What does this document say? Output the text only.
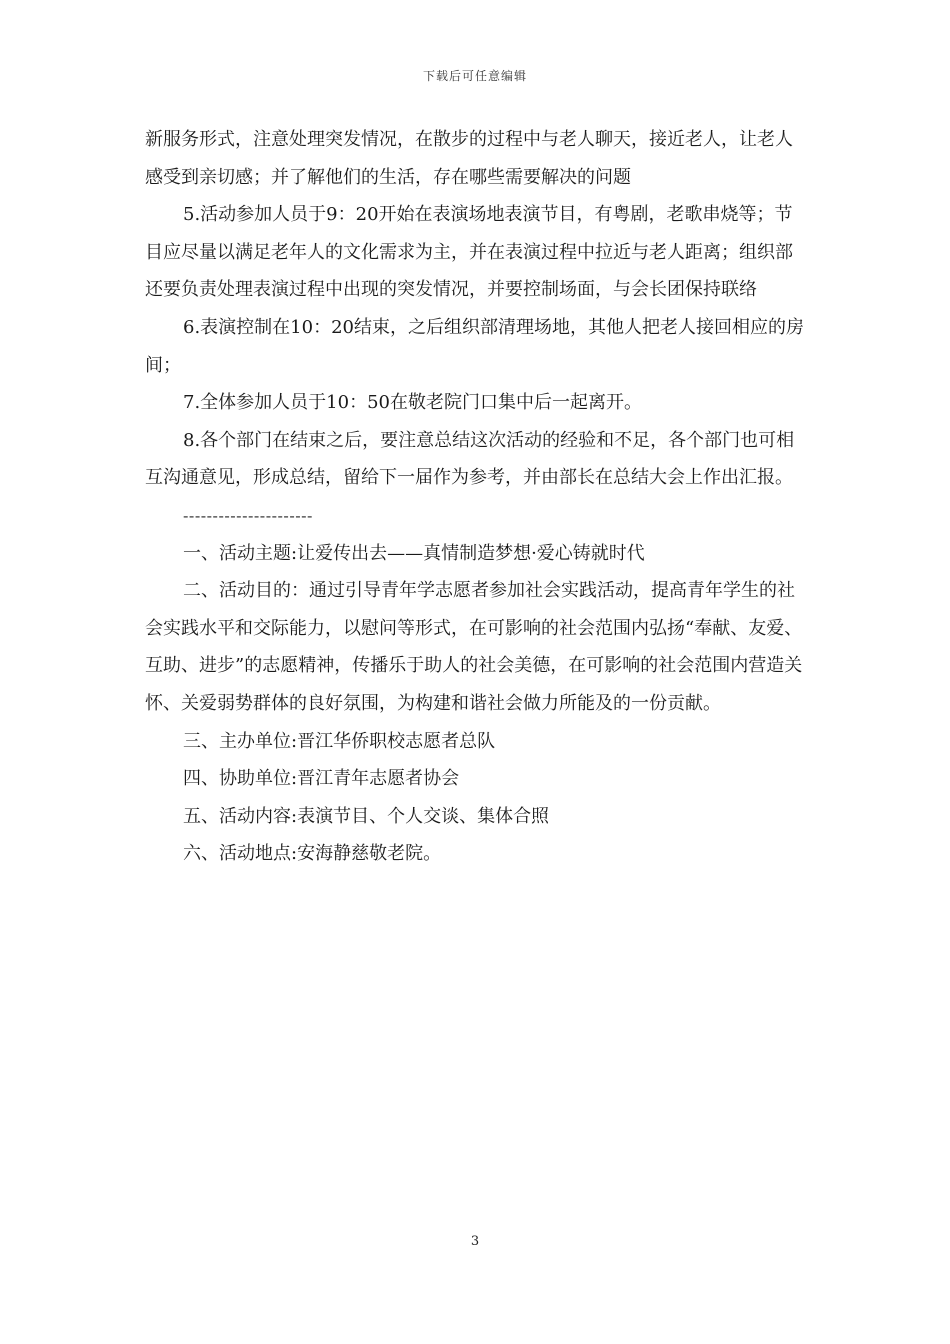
下载后可任意编辑

新服务形式，注意处理突发情况，在散步的过程中与老人聊天，接近老人，让老人感受到亲切感；并了解他们的生活，存在哪些需要解决的问题

5.活动参加人员于9：20开始在表演场地表演节目，有粤剧，老歌串烧等；节目应尽量以满足老年人的文化需求为主，并在表演过程中拉近与老人距离；组织部还要负责处理表演过程中出现的突发情况，并要控制场面，与会长团保持联络

6.表演控制在10：20结束，之后组织部清理场地，其他人把老人接回相应的房间；

7.全体参加人员于10：50在敬老院门口集中后一起离开。

8.各个部门在结束之后，要注意总结这次活动的经验和不足，各个部门也可相互沟通意见，形成总结，留给下一届作为参考，并由部长在总结大会上作出汇报。

----------------------

一、活动主题:让爱传出去——真情制造梦想·爱心铸就时代

二、活动目的：通过引导青年学志愿者参加社会实践活动，提高青年学生的社会实践水平和交际能力，以慰问等形式，在可影响的社会范围内弘扬“奉献、友爱、互助、进步”的志愿精神，传播乐于助人的社会美德，在可影响的社会范围内营造关怀、关爱弱势群体的良好氛围，为构建和谐社会做力所能及的一份贡献。

三、主办单位:晋江华侨职校志愿者总队

四、协助单位:晋江青年志愿者协会

五、活动内容:表演节目、个人交谈、集体合照

六、活动地点:安海静慈敬老院。

3
